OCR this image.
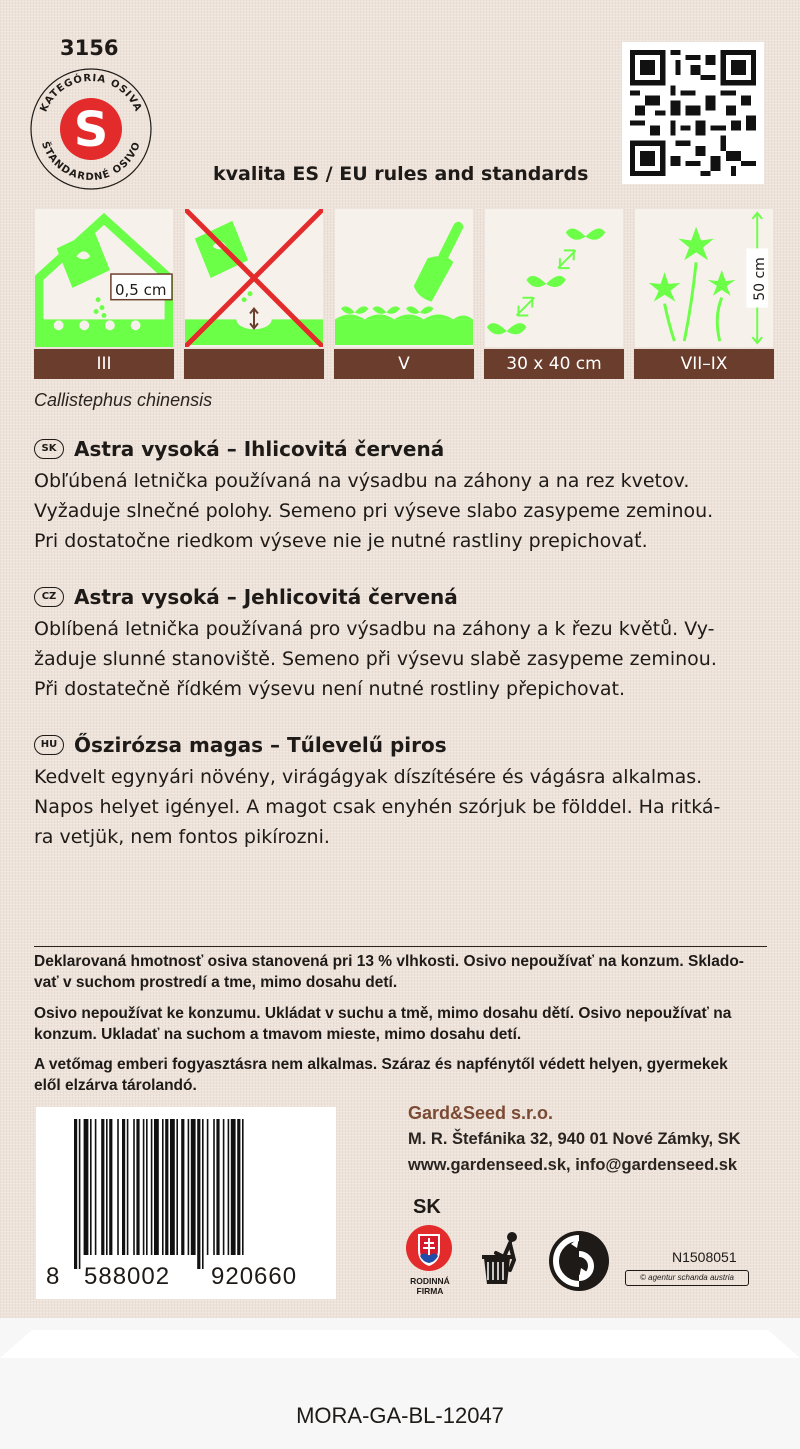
3156
S
KATEGÓRIA OSIVA
ŠTANDARDNÉ OSIVO
kvalita ES / EU rules and standards
0,5 cm
III	V	30 x 40 cm
50 cm
VII–IX
Callistephus chinensis
SK Astra vysoká – Ihlicovitá červená
Obľúbená letnička používaná na výsadbu na záhony a na rez kvetov.
Vyžaduje slnečné polohy. Semeno pri výseve slabo zasypeme zeminou.
Pri dostatočne riedkom výseve nie je nutné rastliny prepichovať.
CZ Astra vysoká – Jehlicovitá červená
Oblíbená letnička používaná pro výsadbu na záhony a k řezu květů. Vy-
žaduje slunné stanoviště. Semeno při výsevu slabě zasypeme zeminou.
Při dostatečně řídkém výsevu není nutné rostliny přepichovat.
HU Őszirózsa magas – Tűlevelű piros
Kedvelt egynyári növény, virágágyak díszítésére és vágásra alkalmas.
Napos helyet igényel. A magot csak enyhén szórjuk be földdel. Ha ritká-
ra vetjük, nem fontos pikírozni.
Deklarovaná hmotnosť osiva stanovená pri 13 % vlhkosti. Osivo nepoužívať na konzum. Sklado-
vať v suchom prostredí a tme, mimo dosahu detí.
Osivo nepoužívat ke konzumu. Ukládat v suchu a tmě, mimo dosahu dětí. Osivo nepoužívať na
konzum. Ukladať na suchom a tmavom mieste, mimo dosahu detí.
A vetőmag emberi fogyasztásra nem alkalmas. Száraz és napfénytől védett helyen, gyermekek
elől elzárva tárolandó.
8 588002 920660
Gard&Seed s.r.o.
M. R. Štefánika 32, 940 01 Nové Zámky, SK
www.gardenseed.sk, info@gardenseed.sk
SK
RODINNÁ
FIRMA
N1508051
© agentur schanda austria
MORA-GA-BL-12047
